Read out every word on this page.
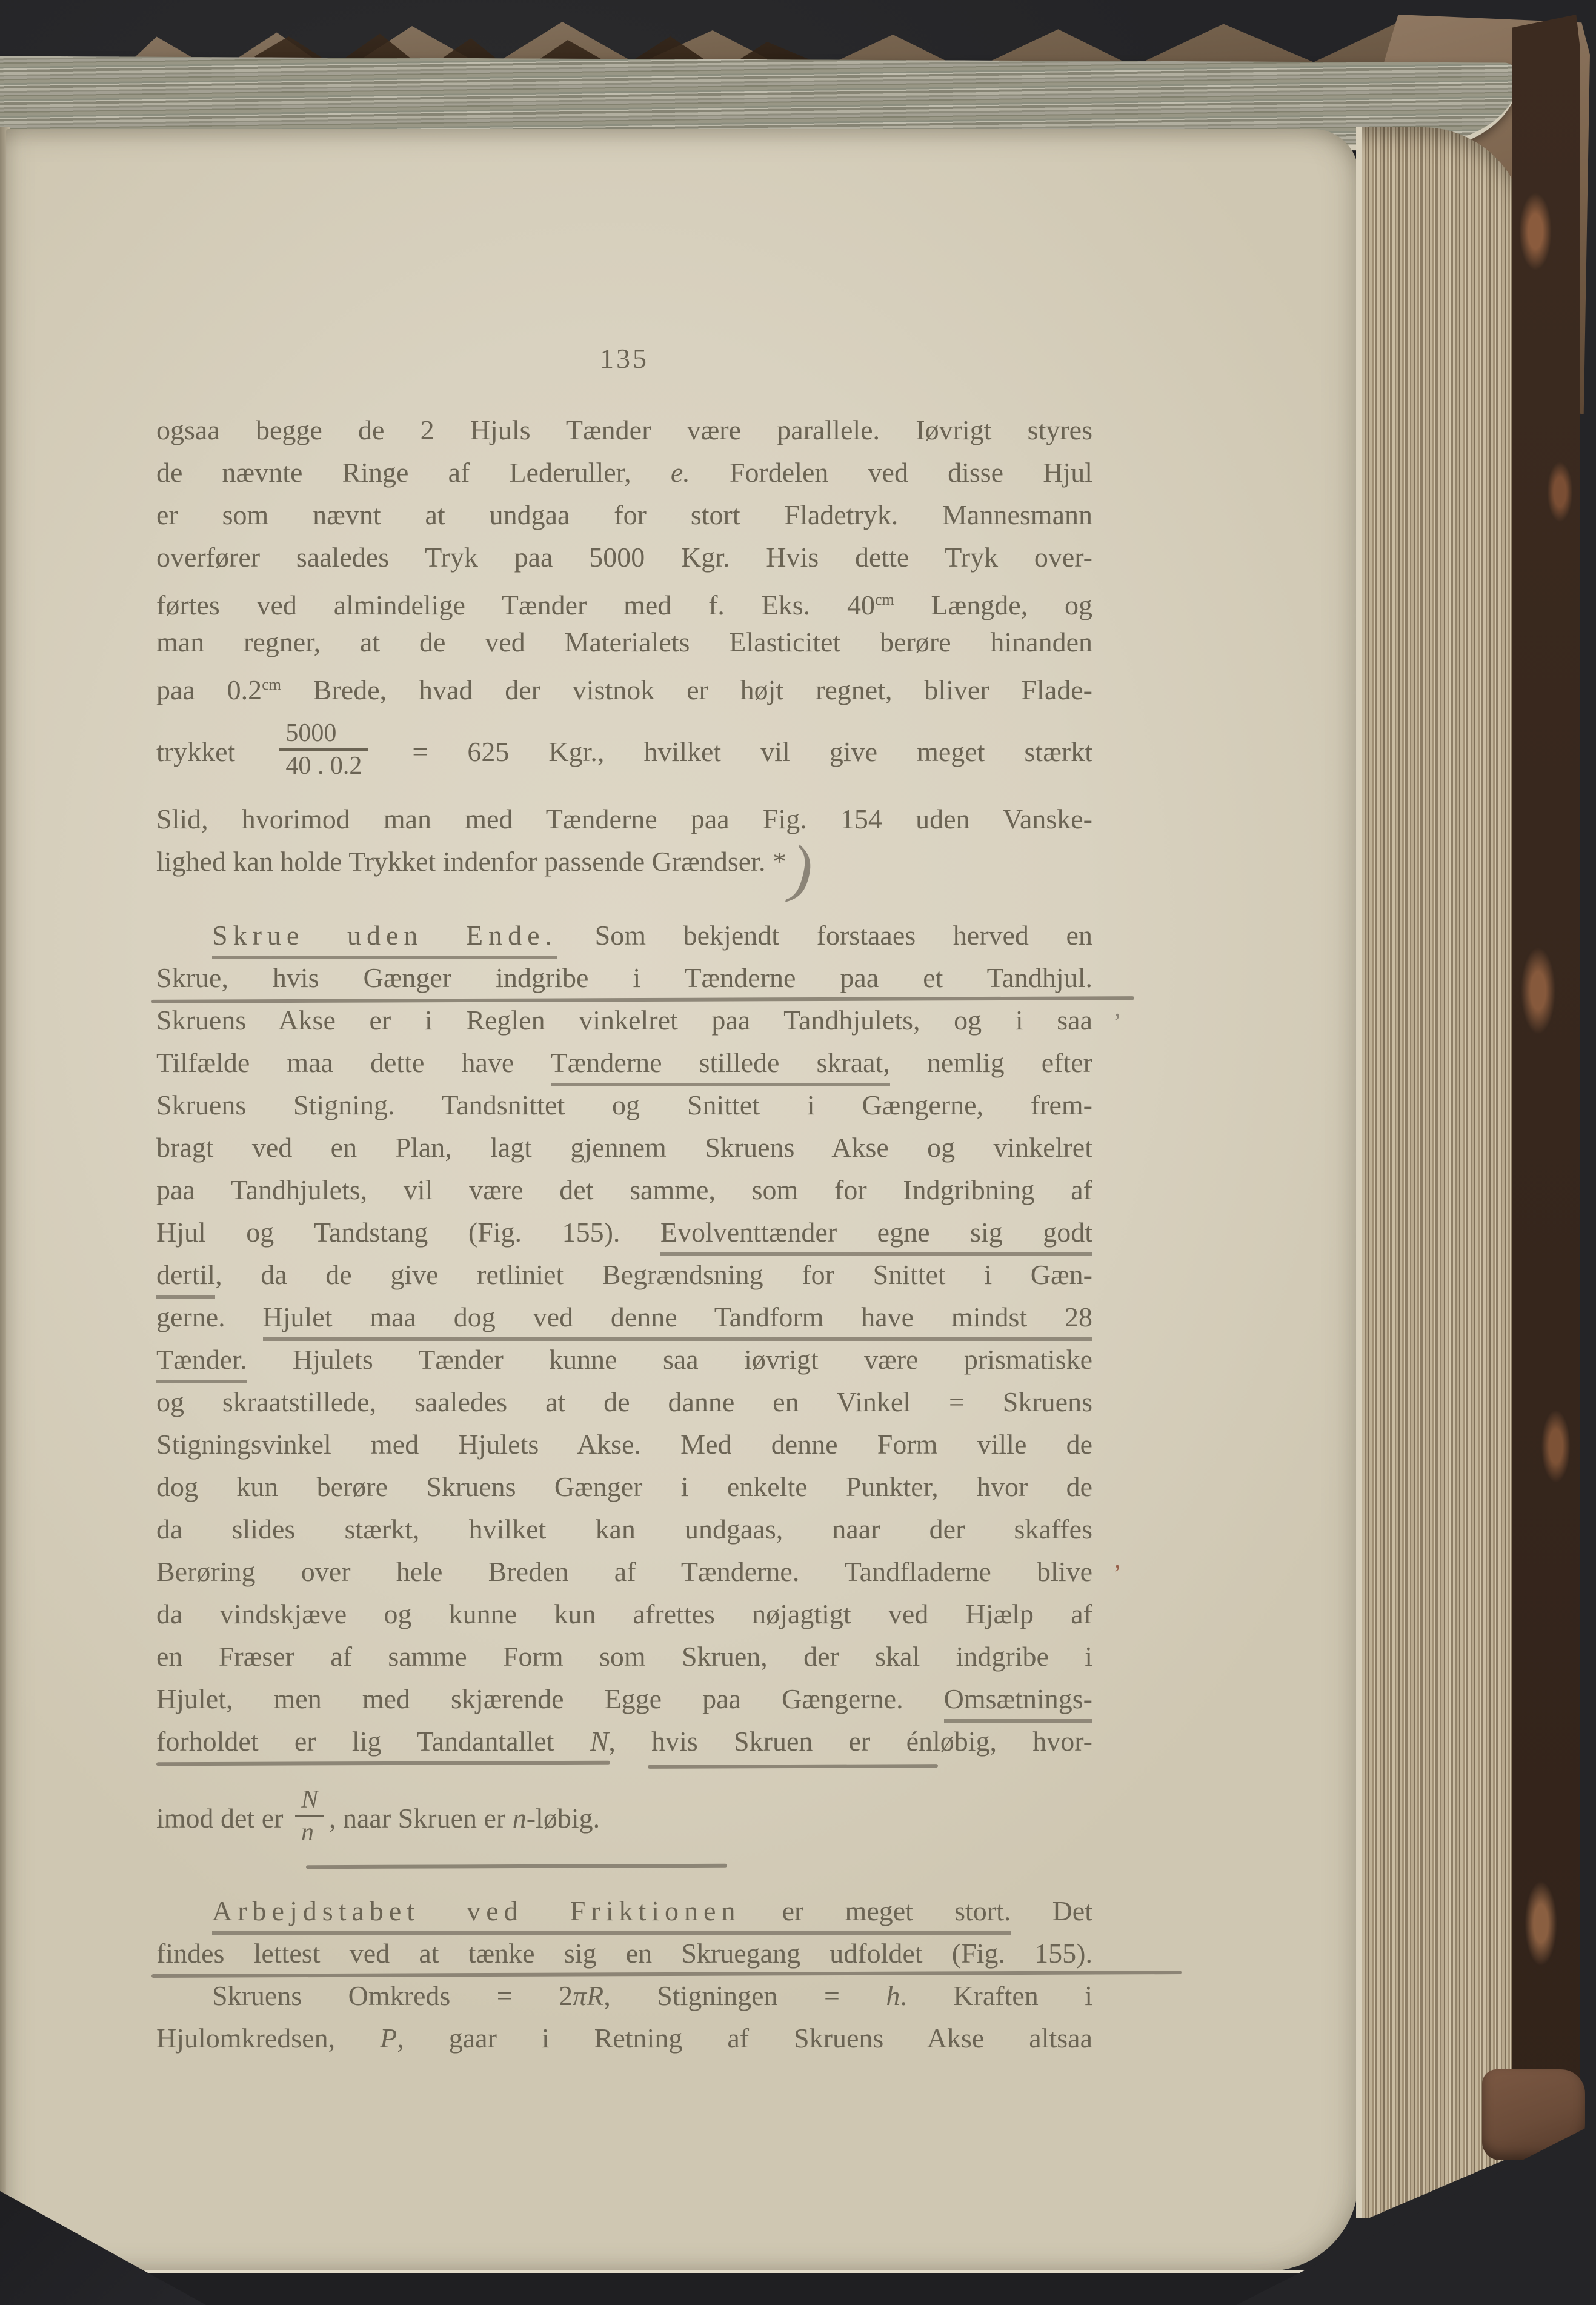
135
ogsaa begge de 2 Hjuls Tænder være parallele. Iøvrigt styres
de nævnte Ringe af Lederuller, e. Fordelen ved disse Hjul
er som nævnt at undgaa for stort Fladetryk. Mannesmann
overfører saaledes Tryk paa 5000 Kgr. Hvis dette Tryk over-
førtes ved almindelige Tænder med f. Eks. $40^{cm}$ Længde, og
man regner, at de ved Materialets Elasticitet berøre hinanden
paa $0.2^{cm}$ Brede, hvad der vistnok er højt regnet, bliver Flade-
trykket $\frac{5000}{40 . 0.2} = 625$ Kgr., hvilket vil give meget stærkt
Slid, hvorimod man med Tænderne paa Fig. 154 uden Vanske-
lighed kan holde Trykket indenfor passende Grændser. *)
Skrue uden Ende. Som bekjendt forstaaes herved en
Skrue, hvis Gænger indgribe i Tænderne paa et Tandhjul.
Skruens Akse er i Reglen vinkelret paa Tandhjulets, og i saa ’
Tilfælde maa dette have Tænderne stillede skraat, nemlig efter
Skruens Stigning. Tandsnittet og Snittet i Gængerne, frem-
bragt ved en Plan, lagt gjennem Skruens Akse og vinkelret
paa Tandhjulets, vil være det samme, som for Indgribning af
Hjul og Tandstang (Fig. 155). Evolventtænder egne sig godt
dertil, da de give retliniet Begrændsning for Snittet i Gæn-
gerne. Hjulet maa dog ved denne Tandform have mindst 28
Tænder. Hjulets Tænder kunne saa iøvrigt være prismatiske
og skraatstillede, saaledes at de danne en Vinkel = Skruens
Stigningsvinkel med Hjulets Akse. Med denne Form ville de
dog kun berøre Skruens Gænger i enkelte Punkter, hvor de
da slides stærkt, hvilket kan undgaas, naar der skaffes
Berøring over hele Breden af Tænderne. Tandfladerne blive ’
da vindskjæve og kunne kun afrettes nøjagtigt ved Hjælp af
en Fræser af samme Form som Skruen, der skal indgribe i
Hjulet, men med skjærende Egge paa Gængerne. Omsætnings-
forholdet er lig Tandantallet N, hvis Skruen er énløbig, hvor-
imod det er $\frac{N}{n}$ , naar Skruen er n-løbig.
Arbejdstabet ved Friktionen er meget stort. Det
findes lettest ved at tænke sig en Skruegang udfoldet (Fig. 155).
Skruens Omkreds = 2πR, Stigningen = h. Kraften i
Hjulomkredsen, P, gaar i Retning af Skruens Akse altsaa
